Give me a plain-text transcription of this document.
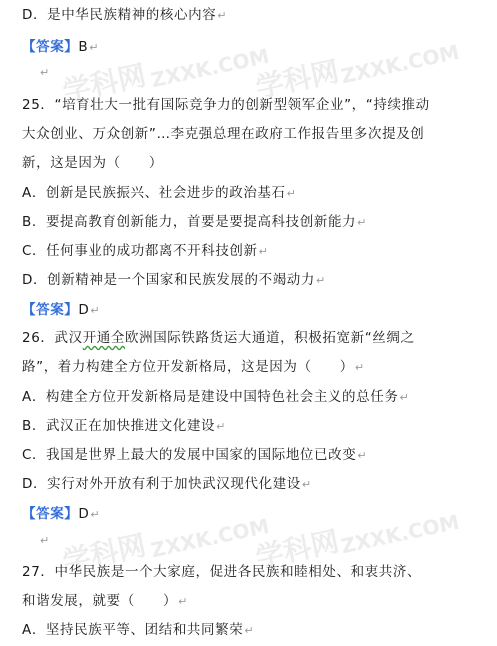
学科网 ZXXK.COM
学科网
ZXXK.COM
学科网 ZXXK.COM
学科网
ZXXK.COM
D．是中华民族精神的核心内容↵
【答案】B↵
↵
25．“培育壮大一批有国际竞争力的创新型领军企业”，“持续推动
大众创业、万众创新”…李克强总理在政府工作报告里多次提及创
新，这是因为（　　）
A．创新是民族振兴、社会进步的政治基石↵
B．要提高教育创新能力，首要是要提高科技创新能力↵
C．任何事业的成功都离不开科技创新↵
D．创新精神是一个国家和民族发展的不竭动力↵
【答案】D↵
26．武汉开通全欧洲国际铁路货运大通道，积极拓宽新“丝绸之
路”，着力构建全方位开发新格局，这是因为（　　）↵
A．构建全方位开发新格局是建设中国特色社会主义的总任务↵
B．武汉正在加快推进文化建设↵
C．我国是世界上最大的发展中国家的国际地位已改变↵
D．实行对外开放有利于加快武汉现代化建设↵
【答案】D↵
↵
27．中华民族是一个大家庭，促进各民族和睦相处、和衷共济、
和谐发展，就要（　　）↵
A．坚持民族平等、团结和共同繁荣↵
